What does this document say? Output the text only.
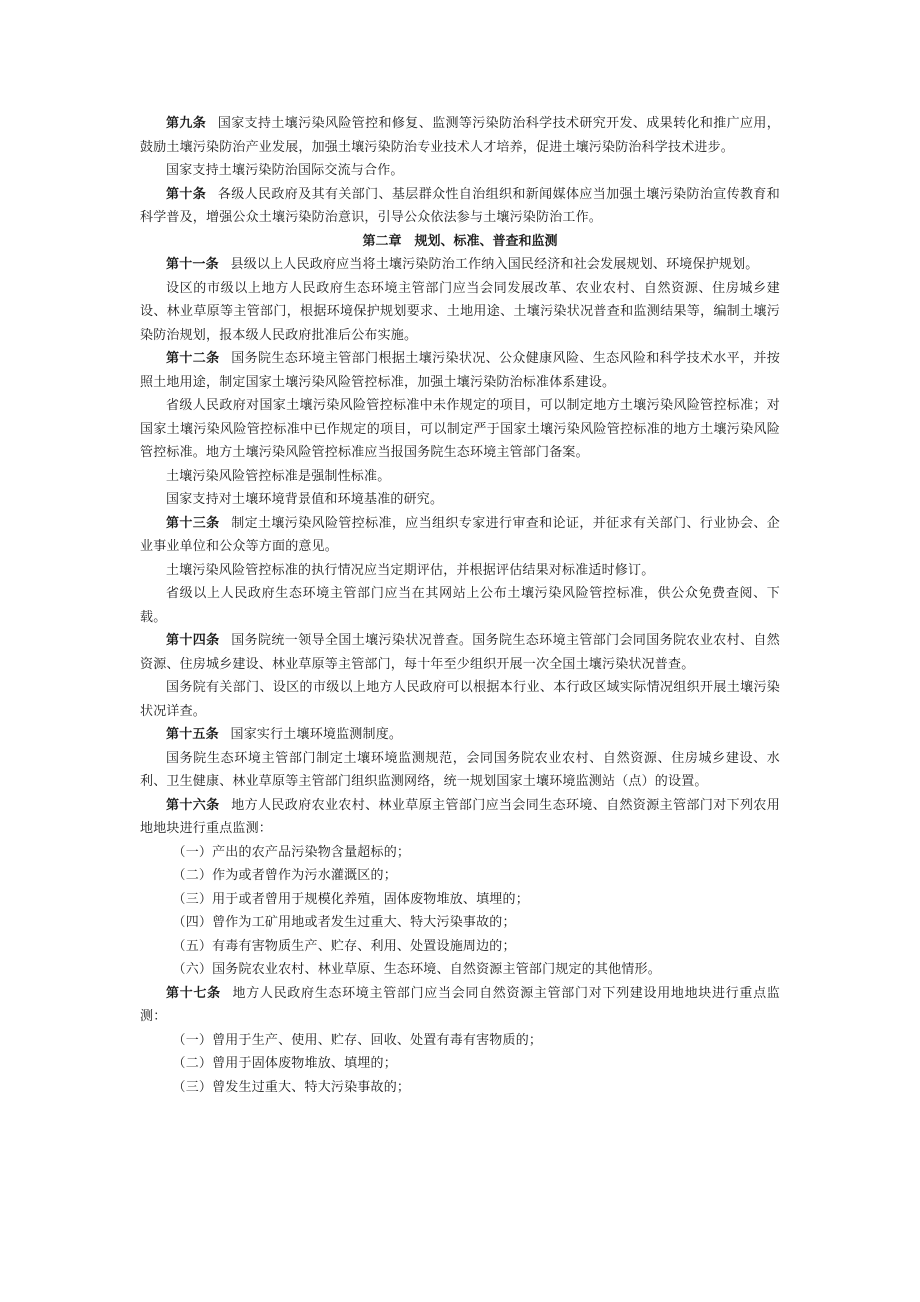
第九条 国家支持土壤污染风险管控和修复、监测等污染防治科学技术研究开发、成果转化和推广应用，鼓励土壤污染防治产业发展，加强土壤污染防治专业技术人才培养，促进土壤污染防治科学技术进步。

国家支持土壤污染防治国际交流与合作。

第十条 各级人民政府及其有关部门、基层群众性自治组织和新闻媒体应当加强土壤污染防治宣传教育和科学普及，增强公众土壤污染防治意识，引导公众依法参与土壤污染防治工作。

第二章　规划、标准、普查和监测

第十一条 县级以上人民政府应当将土壤污染防治工作纳入国民经济和社会发展规划、环境保护规划。

设区的市级以上地方人民政府生态环境主管部门应当会同发展改革、农业农村、自然资源、住房城乡建设、林业草原等主管部门，根据环境保护规划要求、土地用途、土壤污染状况普查和监测结果等，编制土壤污染防治规划，报本级人民政府批准后公布实施。

第十二条 国务院生态环境主管部门根据土壤污染状况、公众健康风险、生态风险和科学技术水平，并按照土地用途，制定国家土壤污染风险管控标准，加强土壤污染防治标准体系建设。

省级人民政府对国家土壤污染风险管控标准中未作规定的项目，可以制定地方土壤污染风险管控标准；对国家土壤污染风险管控标准中已作规定的项目，可以制定严于国家土壤污染风险管控标准的地方土壤污染风险管控标准。地方土壤污染风险管控标准应当报国务院生态环境主管部门备案。

土壤污染风险管控标准是强制性标准。

国家支持对土壤环境背景值和环境基准的研究。

第十三条 制定土壤污染风险管控标准，应当组织专家进行审查和论证，并征求有关部门、行业协会、企业事业单位和公众等方面的意见。

土壤污染风险管控标准的执行情况应当定期评估，并根据评估结果对标准适时修订。

省级以上人民政府生态环境主管部门应当在其网站上公布土壤污染风险管控标准，供公众免费查阅、下载。

第十四条 国务院统一领导全国土壤污染状况普查。国务院生态环境主管部门会同国务院农业农村、自然资源、住房城乡建设、林业草原等主管部门，每十年至少组织开展一次全国土壤污染状况普查。

国务院有关部门、设区的市级以上地方人民政府可以根据本行业、本行政区域实际情况组织开展土壤污染状况详查。

第十五条 国家实行土壤环境监测制度。

国务院生态环境主管部门制定土壤环境监测规范，会同国务院农业农村、自然资源、住房城乡建设、水利、卫生健康、林业草原等主管部门组织监测网络，统一规划国家土壤环境监测站（点）的设置。

第十六条 地方人民政府农业农村、林业草原主管部门应当会同生态环境、自然资源主管部门对下列农用地地块进行重点监测：

（一）产出的农产品污染物含量超标的；

（二）作为或者曾作为污水灌溉区的；

（三）用于或者曾用于规模化养殖，固体废物堆放、填埋的；

（四）曾作为工矿用地或者发生过重大、特大污染事故的；

（五）有毒有害物质生产、贮存、利用、处置设施周边的；

（六）国务院农业农村、林业草原、生态环境、自然资源主管部门规定的其他情形。

第十七条 地方人民政府生态环境主管部门应当会同自然资源主管部门对下列建设用地地块进行重点监测：

（一）曾用于生产、使用、贮存、回收、处置有毒有害物质的；

（二）曾用于固体废物堆放、填埋的；

（三）曾发生过重大、特大污染事故的；
